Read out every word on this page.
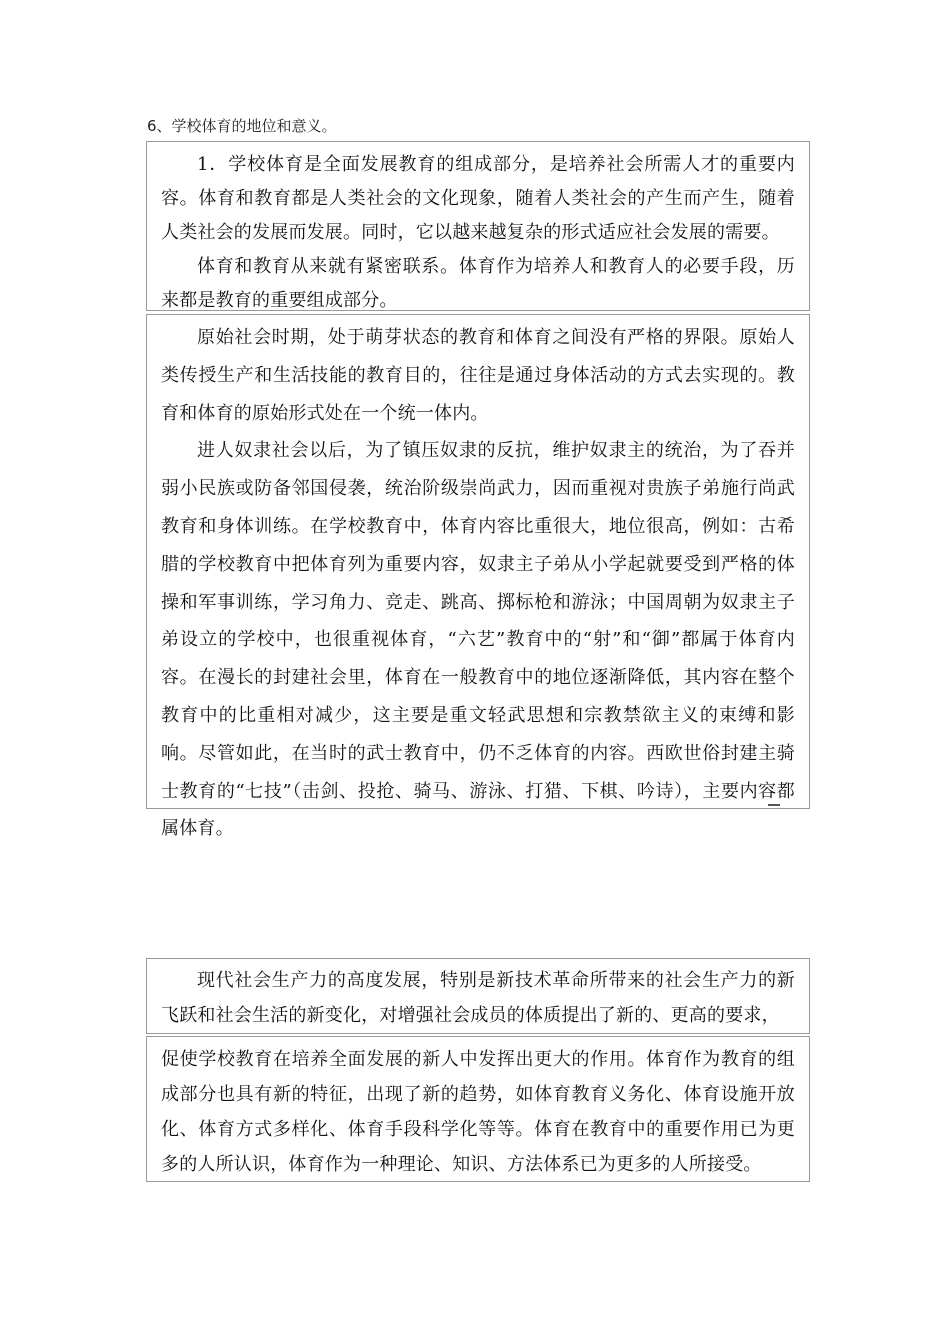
6、学校体育的地位和意义。

1．学校体育是全面发展教育的组成部分，是培养社会所需人才的重要内容。体育和教育都是人类社会的文化现象，随着人类社会的产生而产生，随着人类社会的发展而发展。同时，它以越来越复杂的形式适应社会发展的需要。

体育和教育从来就有紧密联系。体育作为培养人和教育人的必要手段，历来都是教育的重要组成部分。

原始社会时期，处于萌芽状态的教育和体育之间没有严格的界限。原始人类传授生产和生活技能的教育目的，往往是通过身体活动的方式去实现的。教育和体育的原始形式处在一个统一体内。

进人奴隶社会以后，为了镇压奴隶的反抗，维护奴隶主的统治，为了吞并弱小民族或防备邻国侵袭，统治阶级崇尚武力，因而重视对贵族子弟施行尚武教育和身体训练。在学校教育中，体育内容比重很大，地位很高，例如：古希腊的学校教育中把体育列为重要内容，奴隶主子弟从小学起就要受到严格的体操和军事训练，学习角力、竞走、跳高、掷标枪和游泳；中国周朝为奴隶主子弟设立的学校中，也很重视体育，“六艺”教育中的“射”和“御”都属于体育内容。在漫长的封建社会里，体育在一般教育中的地位逐渐降低，其内容在整个教育中的比重相对减少，这主要是重文轻武思想和宗教禁欲主义的束缚和影响。尽管如此，在当时的武士教育中，仍不乏体育的内容。西欧世俗封建主骑士教育的“七技”（击剑、投抢、骑马、游泳、打猎、下棋、吟诗），主要内容都属体育。

现代社会生产力的高度发展，特别是新技术革命所带来的社会生产力的新飞跃和社会生活的新变化，对增强社会成员的体质提出了新的、更高的要求，

促使学校教育在培养全面发展的新人中发挥出更大的作用。体育作为教育的组成部分也具有新的特征，出现了新的趋势，如体育教育义务化、体育设施开放化、体育方式多样化、体育手段科学化等等。体育在教育中的重要作用已为更多的人所认识，体育作为一种理论、知识、方法体系已为更多的人所接受。
